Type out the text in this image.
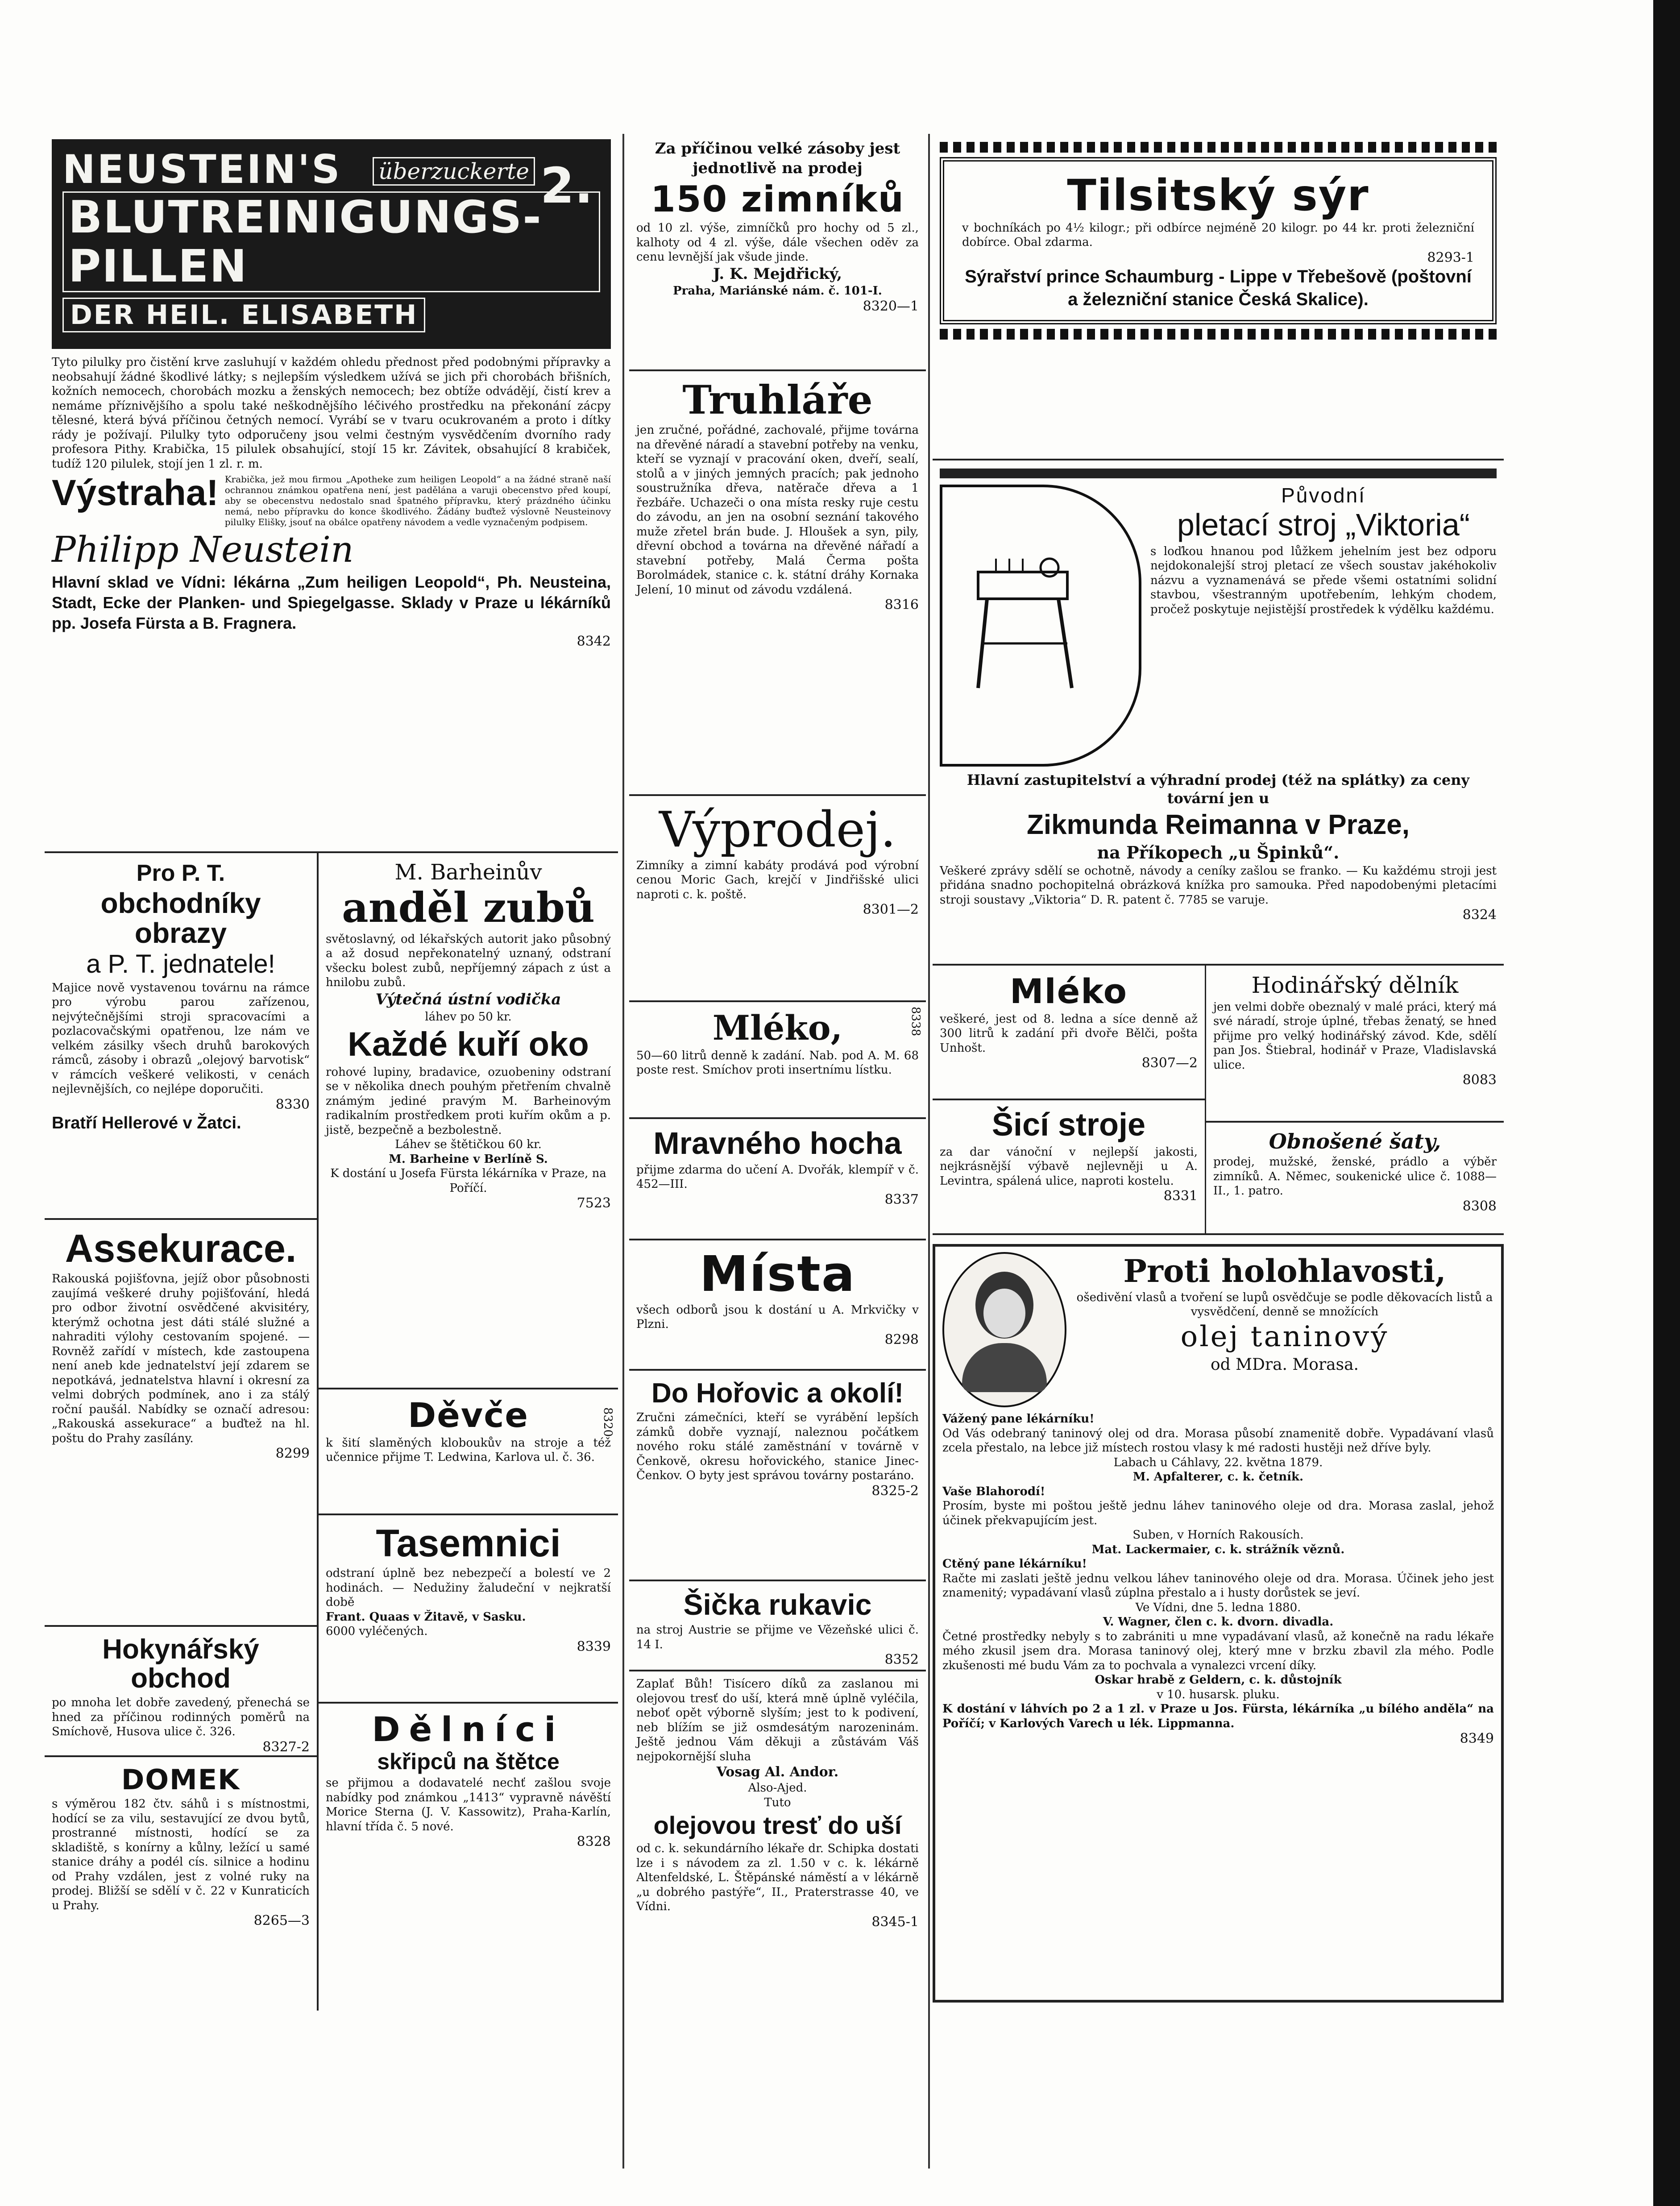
NEUSTEIN'S	überzuckerte 2.
BLUTREINIGUNGS-PILLEN
DER HEIL. ELISABETH

Tyto pilulky pro čistění krve zasluhují v každém ohledu přednost před podobnými přípravky a neobsahují žádné škodlivé látky; s nejlepším výsledkem užívá se jich při chorobách břišních, kožních nemocech, chorobách mozku a ženských nemocech; bez obtíže odvádějí, čistí krev a nemáme příznivějšího a spolu také neškodnějšího léčivého prostředku na překonání zácpy tělesné, která bývá příčinou četných nemocí. Vyrábí se v tvaru ocukrovaném a proto i dítky rády je požívají. Pilulky tyto odporučeny jsou velmi čestným vysvědčením dvorního rady profesora Pithy. Krabička, 15 pilulek obsahující, stojí 15 kr. Závitek, obsahující 8 krabiček, tudíž 120 pilulek, stojí jen 1 zl. r. m.

Výstraha! Krabička, jež mou firmou „Apotheke zum heiligen Leopold“ a na žádné straně naší ochrannou známkou opatřena není, jest padělána a varuji obecenstvo před koupí, aby se obecenstvu nedostalo snad špatného přípravku, který prázdného účinku nemá, nebo přípravku do konce škodlivého. Žádány buďtež výslovně Neusteinovy pilulky Elišky, jsouť na obálce opatřeny návodem a vedle vyznačeným podpisem.

Philipp Neustein

Hlavní sklad ve Vídni: lékárna „Zum heiligen Leopold“, Ph. Neusteina, Stadt, Ecke der Planken- und Spiegelgasse. Sklady v Praze u lékárníků pp. Josefa Fürsta a B. Fragnera.

8342

Pro P. T.
obchodníky obrazy
a P. T. jednatele!

Majice nově vystavenou továrnu na rámce pro výrobu parou zařízenou, nejvýtečnějšími stroji spracovacími a pozlacovačskými opatřenou, lze nám ve velkém zásilky všech druhů barokových rámců, zásoby i obrazů „olejový barvotisk“ v rámcích veškeré velikosti, v cenách nejlevnějších, co nejlépe doporučiti.

8330

Bratří Hellerové v Žatci.

Assekurace.

Rakouská pojišťovna, jejíž obor působnosti zaujímá veškeré druhy pojišťování, hledá pro odbor životní osvědčené akvisitéry, kterýmž ochotna jest dáti stálé služné a nahraditi výlohy cestovaním spojené. — Rovněž zařídí v místech, kde zastoupena není aneb kde jednatelství její zdarem se nepotkává, jednatelstva hlavní i okresní za velmi dobrých podmínek, ano i za stálý roční paušál. Nabídky se označí adresou: „Rakouská assekurace“ a buďtež na hl. poštu do Prahy zasílány.

8299

Hokynářský obchod

po mnoha let dobře zavedený, přenechá se hned za příčinou rodinných poměrů na Smíchově, Husova ulice č. 326.

8327-2

DOMEK

s výměrou 182 čtv. sáhů i s místnostmi, hodící se za vilu, sestavující ze dvou bytů, prostranné místnosti, hodící se za skladiště, s konírny a kůlny, ležící u samé stanice dráhy a podél cís. silnice a hodinu od Prahy vzdálen, jest z volné ruky na prodej. Bližší se sdělí v č. 22 v Kunraticích u Prahy.

8265—3

M. Barheinův
anděl zubů

světoslavný, od lékařských autorit jako působný a až dosud nepřekonatelný uznaný, odstraní všecku bolest zubů, nepříjemný zápach z úst a hnilobu zubů.

Výtečná ústní vodička

láhev po 50 kr.

Každé kuří oko

rohové lupiny, bradavice, ozuobeniny odstraní se v několika dnech pouhým přetřením chvalně známým jediné pravým M. Barheinovým radikalním prostředkem proti kuřím okům a p. jistě, bezpečně a bezbolestně.

Láhev se štětičkou 60 kr.

M. Barheine v Berlíně S.

K dostání u Josefa Fürsta lékárníka v Praze, na Poříčí.

7523

Děvče

k šití slaměných kloboukův na stroje a též učennice přijme T. Ledwina, Karlova ul. č. 36.

8320
Tasemnici

odstraní úplně bez nebezpečí a bolestí ve 2 hodinách. — Nedužiny žaludeční v nejkratší době

Frant. Quaas v Žitavě, v Sasku.

6000 vyléčených.

8339

Dělníci
skřipců na štětce

se přijmou a dodavatelé nechť zašlou svoje nabídky pod známkou „1413“ vypravně návěští Morice Sterna (J. V. Kassowitz), Praha-Karlín, hlavní třída č. 5 nové.

8328

Za příčinou velké zásoby jest jednotlivě na prodej

150 zimníků

od 10 zl. výše, zimníčků pro hochy od 5 zl., kalhoty od 4 zl. výše, dále všechen oděv za cenu levnější jak všude jinde.

J. K. Mejdřický,

Praha, Mariánské nám. č. 101-I.

8320—1

Truhláře

jen zručné, pořádné, zachovalé, přijme továrna na dřevěné náradí a stavební potřeby na venku, kteří se vyznají v pracování oken, dveří, sealí, stolů a v jiných jemných pracích; pak jednoho soustružníka dřeva, natěrače dřeva a 1 řezbáře. Uchazeči o ona místa resky ruje cestu do závodu, an jen na osobní seznání takového muže zřetel brán bude. J. Hloušek a syn, pily, dřevní obchod a továrna na dřevěné nářadí a stavební potřeby, Malá Čerma pošta Borolmádek, stanice c. k. státní dráhy Kornaka Jelení, 10 minut od závodu vzdálená.

8316

Výprodej.

Zimníky a zimní kabáty prodává pod výrobní cenou Moric Gach, krejčí v Jindřišské ulici naproti c. k. poště.

8301—2

Mléko,

50—60 litrů denně k zadání. Nab. pod A. M. 68 poste rest. Smíchov proti insertnímu lístku.

8338
Mravného hocha

přijme zdarma do učení A. Dvořák, klempíř v č. 452—III.

8337

Místa

všech odborů jsou k dostání u A. Mrkvičky v Plzni.

8298

Do Hořovic a okolí!

Zručni zámečníci, kteří se vyrábění lepších zámků dobře vyznají, naleznou počátkem nového roku stálé zaměstnání v továrně v Čenkově, okresu hořovického, stanice Jinec-Čenkov. O byty jest správou továrny postaráno.

8325-2

Šička rukavic

na stroj Austrie se přijme ve Vězeňské ulici č. 14 I.

8352

Zaplať Bůh! Tisícero díků za zaslanou mi olejovou tresť do uší, která mně úplně vyléčila, neboť opět výborně slyším; jest to k podivení, neb blížím se již osmdesátým narozeninám. Ještě jednou Vám děkuji a zůstávám Váš nejpokornější sluha

Vosag Al. Andor.

Also-Ajed.

Tuto

olejovou tresť do uší

od c. k. sekundárního lékaře dr. Schipka dostati lze i s návodem za zl. 1.50 v c. k. lékárně Altenfeldské, L. Štěpánské náměstí a v lékárně „u dobrého pastýře“, II., Praterstrasse 40, ve Vídni.

8345-1

Tilsitský sýr

v bochníkách po 4½ kilogr.; při odbírce nejméně 20 kilogr. po 44 kr. proti železniční dobírce. Obal zdarma.

8293-1

Sýrařství prince Schaumburg - Lippe v Třebešově (poštovní a železniční stanice Česká Skalice).

Původní
pletací stroj „Viktoria“

s loďkou hnanou pod lůžkem jehelním jest bez odporu nejdokonalejší stroj pletací ze všech soustav jakéhokoliv názvu a vyznamenává se přede všemi ostatními solidní stavbou, všestranným upotřebením, lehkým chodem, pročež poskytuje nejistější prostředek k výdělku každému.

Hlavní zastupitelství a výhradní prodej (též na splátky) za ceny tovární jen u

Zikmunda Reimanna v Praze,

na Příkopech „u Špinků“.

Veškeré zprávy sdělí se ochotně, návody a ceníky zašlou se franko. — Ku každému stroji jest přidána snadno pochopitelná obrázková knížka pro samouka. Před napodobenými pletacími stroji soustavy „Viktoria“ D. R. patent č. 7785 se varuje.

8324

Mléko

veškeré, jest od 8. ledna a síce denně až 300 litrů k zadání při dvoře Bělči, pošta Unhošt.

8307—2

Šicí stroje

za dar vánoční v nejlepší jakosti, nejkrásnější výbavě nejlevněji u A. Levintra, spálená ulice, naproti kostelu.

8331

Hodinářský dělník

jen velmi dobře obeznalý v malé práci, který má své náradí, stroje úplné, třebas ženatý, se hned přijme pro velký hodinářský závod. Kde, sdělí pan Jos. Štiebral, hodinář v Praze, Vladislavská ulice.

8083

Obnošené šaty,

prodej, mužské, ženské, prádlo a výběr zimníků. A. Němec, soukenické ulice č. 1088—II., 1. patro.

8308

Proti holohlavosti,

ošedivění vlasů a tvoření se lupů osvědčuje se podle děkovacích listů a vysvědčení, denně se množících

olej taninový

od MDra. Morasa.

Vážený pane lékárníku!

Od Vás odebraný taninový olej od dra. Morasa působí znamenitě dobře. Vypadávaní vlasů zcela přestalo, na lebce již místech rostou vlasy k mé radosti hustěji než dříve byly.

Labach u Cáhlavy, 22. května 1879.

M. Apfalterer, c. k. četník.

Vaše Blahorodí!

Prosím, byste mi poštou ještě jednu láhev taninového oleje od dra. Morasa zaslal, jehož účinek překvapujícím jest.

Suben, v Horních Rakousích.

Mat. Lackermaier, c. k. strážník věznů.

Ctěný pane lékárníku!

Račte mi zaslati ještě jednu velkou láhev taninového oleje od dra. Morasa. Účinek jeho jest znamenitý; vypadávaní vlasů zúplna přestalo a i husty dorůstek se jeví.

Ve Vídni, dne 5. ledna 1880.

V. Wagner, člen c. k. dvorn. divadla.

Četné prostředky nebyly s to zabrániti u mne vypadávaní vlasů, až konečně na radu lékaře mého zkusil jsem dra. Morasa taninový olej, který mne v brzku zbavil zla mého. Podle zkušenosti mé budu Vám za to pochvala a vynalezci vrcení díky.

Oskar hrabě z Geldern, c. k. důstojník

v 10. husarsk. pluku.

K dostání v láhvích po 2 a 1 zl. v Praze u Jos. Fürsta, lékárníka „u bílého anděla“ na Poříčí; v Karlových Varech u lék. Lippmanna.

8349
